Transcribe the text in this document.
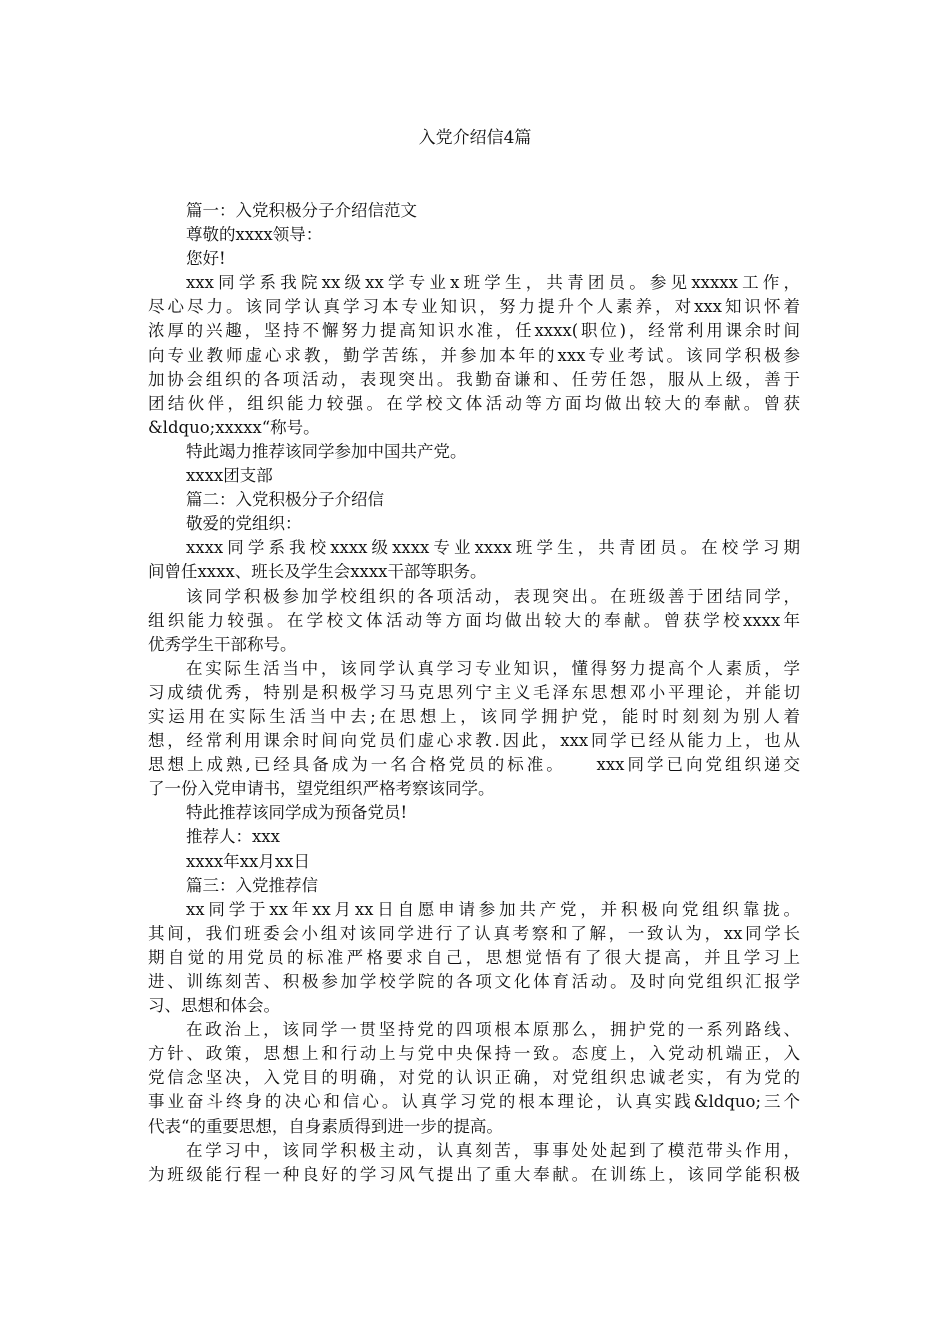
入党介绍信4篇
篇一：入党积极分子介绍信范文
尊敬的xxxx领导：
您好!
xxx同学系我院xx级xx学专业x班学生，共青团员。参见xxxxx工作，
尽心尽力。该同学认真学习本专业知识，努力提升个人素养，对xxx知识怀着
浓厚的兴趣，坚持不懈努力提高知识水准，任xxxx(职位)，经常利用课余时间
向专业教师虚心求教，勤学苦练，并参加本年的xxx专业考试。该同学积极参
加协会组织的各项活动，表现突出。我勤奋谦和、任劳任怨，服从上级，善于
团结伙伴，组织能力较强。在学校文体活动等方面均做出较大的奉献。曾获
&ldquo;xxxxx“称号。
特此竭力推荐该同学参加中国共产党。
xxxx团支部
篇二：入党积极分子介绍信
敬爱的党组织：
xxxx同学系我校xxxx级xxxx专业xxxx班学生，共青团员。在校学习期
间曾任xxxx、班长及学生会xxxx干部等职务。
该同学积极参加学校组织的各项活动，表现突出。在班级善于团结同学，
组织能力较强。在学校文体活动等方面均做出较大的奉献。曾获学校xxxx年
优秀学生干部称号。
在实际生活当中，该同学认真学习专业知识，懂得努力提高个人素质，学
习成绩优秀，特别是积极学习马克思列宁主义毛泽东思想邓小平理论，并能切
实运用在实际生活当中去;在思想上，该同学拥护党，能时时刻刻为别人着
想，经常利用课余时间向党员们虚心求教.因此，xxx同学已经从能力上，也从
思想上成熟,已经具备成为一名合格党员的标准。　　xxx同学已向党组织递交
了一份入党申请书，望党组织严格考察该同学。
特此推荐该同学成为预备党员!
推荐人：xxx
xxxx年xx月xx日
篇三：入党推荐信
xx同学于xx年xx月xx日自愿申请参加共产党，并积极向党组织靠拢。
其间，我们班委会小组对该同学进行了认真考察和了解，一致认为，xx同学长
期自觉的用党员的标准严格要求自己，思想觉悟有了很大提高，并且学习上
进、训练刻苦、积极参加学校学院的各项文化体育活动。及时向党组织汇报学
习、思想和体会。
在政治上，该同学一贯坚持党的四项根本原那么，拥护党的一系列路线、
方针、政策，思想上和行动上与党中央保持一致。态度上，入党动机端正，入
党信念坚决，入党目的明确，对党的认识正确，对党组织忠诚老实，有为党的
事业奋斗终身的决心和信心。认真学习党的根本理论，认真实践&ldquo;三个
代表“的重要思想，自身素质得到进一步的提高。
在学习中，该同学积极主动，认真刻苦，事事处处起到了模范带头作用，
为班级能行程一种良好的学习风气提出了重大奉献。在训练上，该同学能积极
